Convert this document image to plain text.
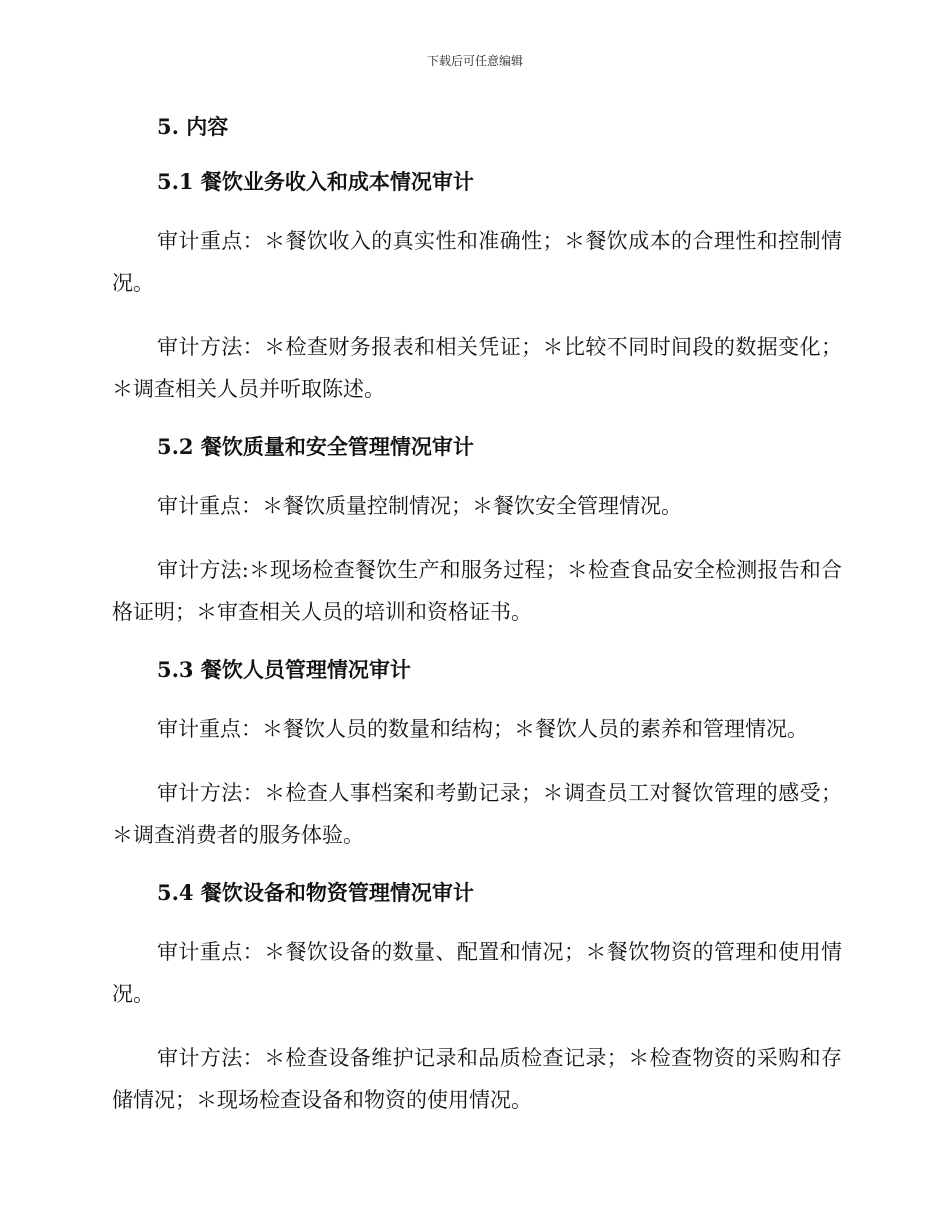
下载后可任意编辑
5. 内容
5.1 餐饮业务收入和成本情况审计

审计重点：＊餐饮收入的真实性和准确性；＊餐饮成本的合理性和控制情况。

审计方法：＊检查财务报表和相关凭证；＊比较不同时间段的数据变化；＊调查相关人员并听取陈述。

5.2 餐饮质量和安全管理情况审计

审计重点：＊餐饮质量控制情况；＊餐饮安全管理情况。

审计方法:＊现场检查餐饮生产和服务过程；＊检查食品安全检测报告和合格证明；＊审查相关人员的培训和资格证书。

5.3 餐饮人员管理情况审计

审计重点：＊餐饮人员的数量和结构；＊餐饮人员的素养和管理情况。

审计方法：＊检查人事档案和考勤记录；＊调查员工对餐饮管理的感受；＊调查消费者的服务体验。

5.4 餐饮设备和物资管理情况审计

审计重点：＊餐饮设备的数量、配置和情况；＊餐饮物资的管理和使用情况。

审计方法：＊检查设备维护记录和品质检查记录；＊检查物资的采购和存储情况；＊现场检查设备和物资的使用情况。
